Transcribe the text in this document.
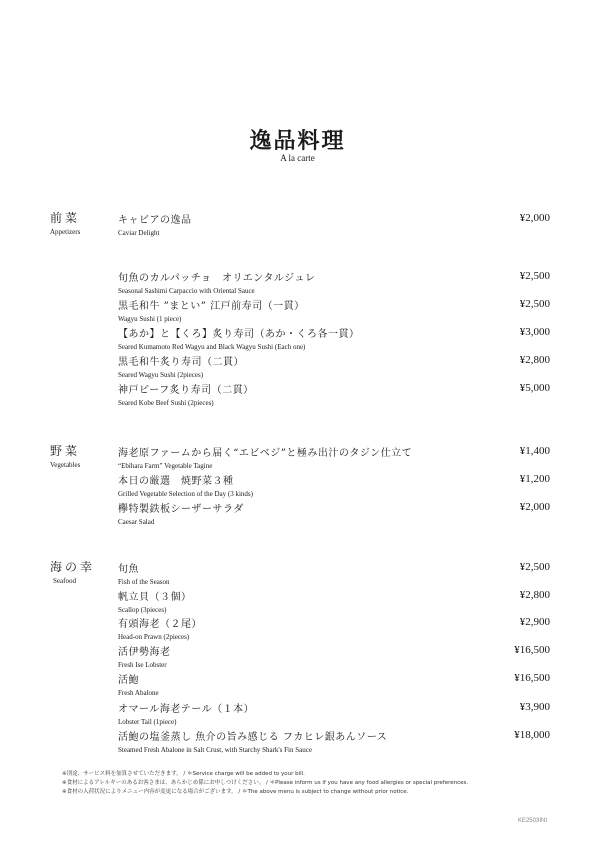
逸品料理
A la carte
前菜
Appetizers
キャビアの逸品
Caviar Delight
¥2,000
旬魚のカルパッチョ　オリエンタルジュレ
Seasonal Sashimi Carpaccio with Oriental Sauce
¥2,500
黒毛和牛 ”まとい” 江戸前寿司（一貫）
Wagyu Sushi (1 piece)
¥2,500
【あか】と【くろ】炙り寿司（あか・くろ各一貫）
Seared Kumamoto Red Wagyu and Black Wagyu Sushi (Each one)
¥3,000
黒毛和牛炙り寿司（二貫）
Seared Wagyu Sushi (2pieces)
¥2,800
神戸ビーフ炙り寿司（二貫）
Seared Kobe Beef Sushi (2pieces)
¥5,000
野菜
Vegetables
海老原ファームから届く“エビベジ”と極み出汁のタジン仕立て
“Ebihara Farm” Vegetable Tagine
¥1,400
本日の厳選　焼野菜３種
Grilled Vegetable Selection of the Day (3 kinds)
¥1,200
欅特製鉄板シーザーサラダ
Caesar Salad
¥2,000
海の幸
Seafood
旬魚
Fish of the Season
¥2,500
帆立貝（３個）
Scallop (3pieces)
¥2,800
有頭海老（２尾）
Head-on Prawn (2pieces)
¥2,900
活伊勢海老
Fresh Ise Lobster
¥16,500
活鮑
Fresh Abalone
¥16,500
オマール海老テール（１本）
Lobster Tail (1piece)
¥3,900
活鮑の塩釜蒸し 魚介の旨み感じる フカヒレ銀あんソース
Steamed Fresh Abalone in Salt Crust, with Starchy Shark's Fin Sauce
¥18,000
※別途、サービス料を加算させていただきます。 / ＊Service charge will be added to your bill.
※食材によるアレルギーのあるお客さまは、あらかじめ係にお申しつけください。 / ＊Please inform us if you have any food allergies or special preferences.
※食材の入荷状況によりメニュー内容が変更になる場合がございます。 / ＊The above menu is subject to change without prior notice.
KE2503INI
